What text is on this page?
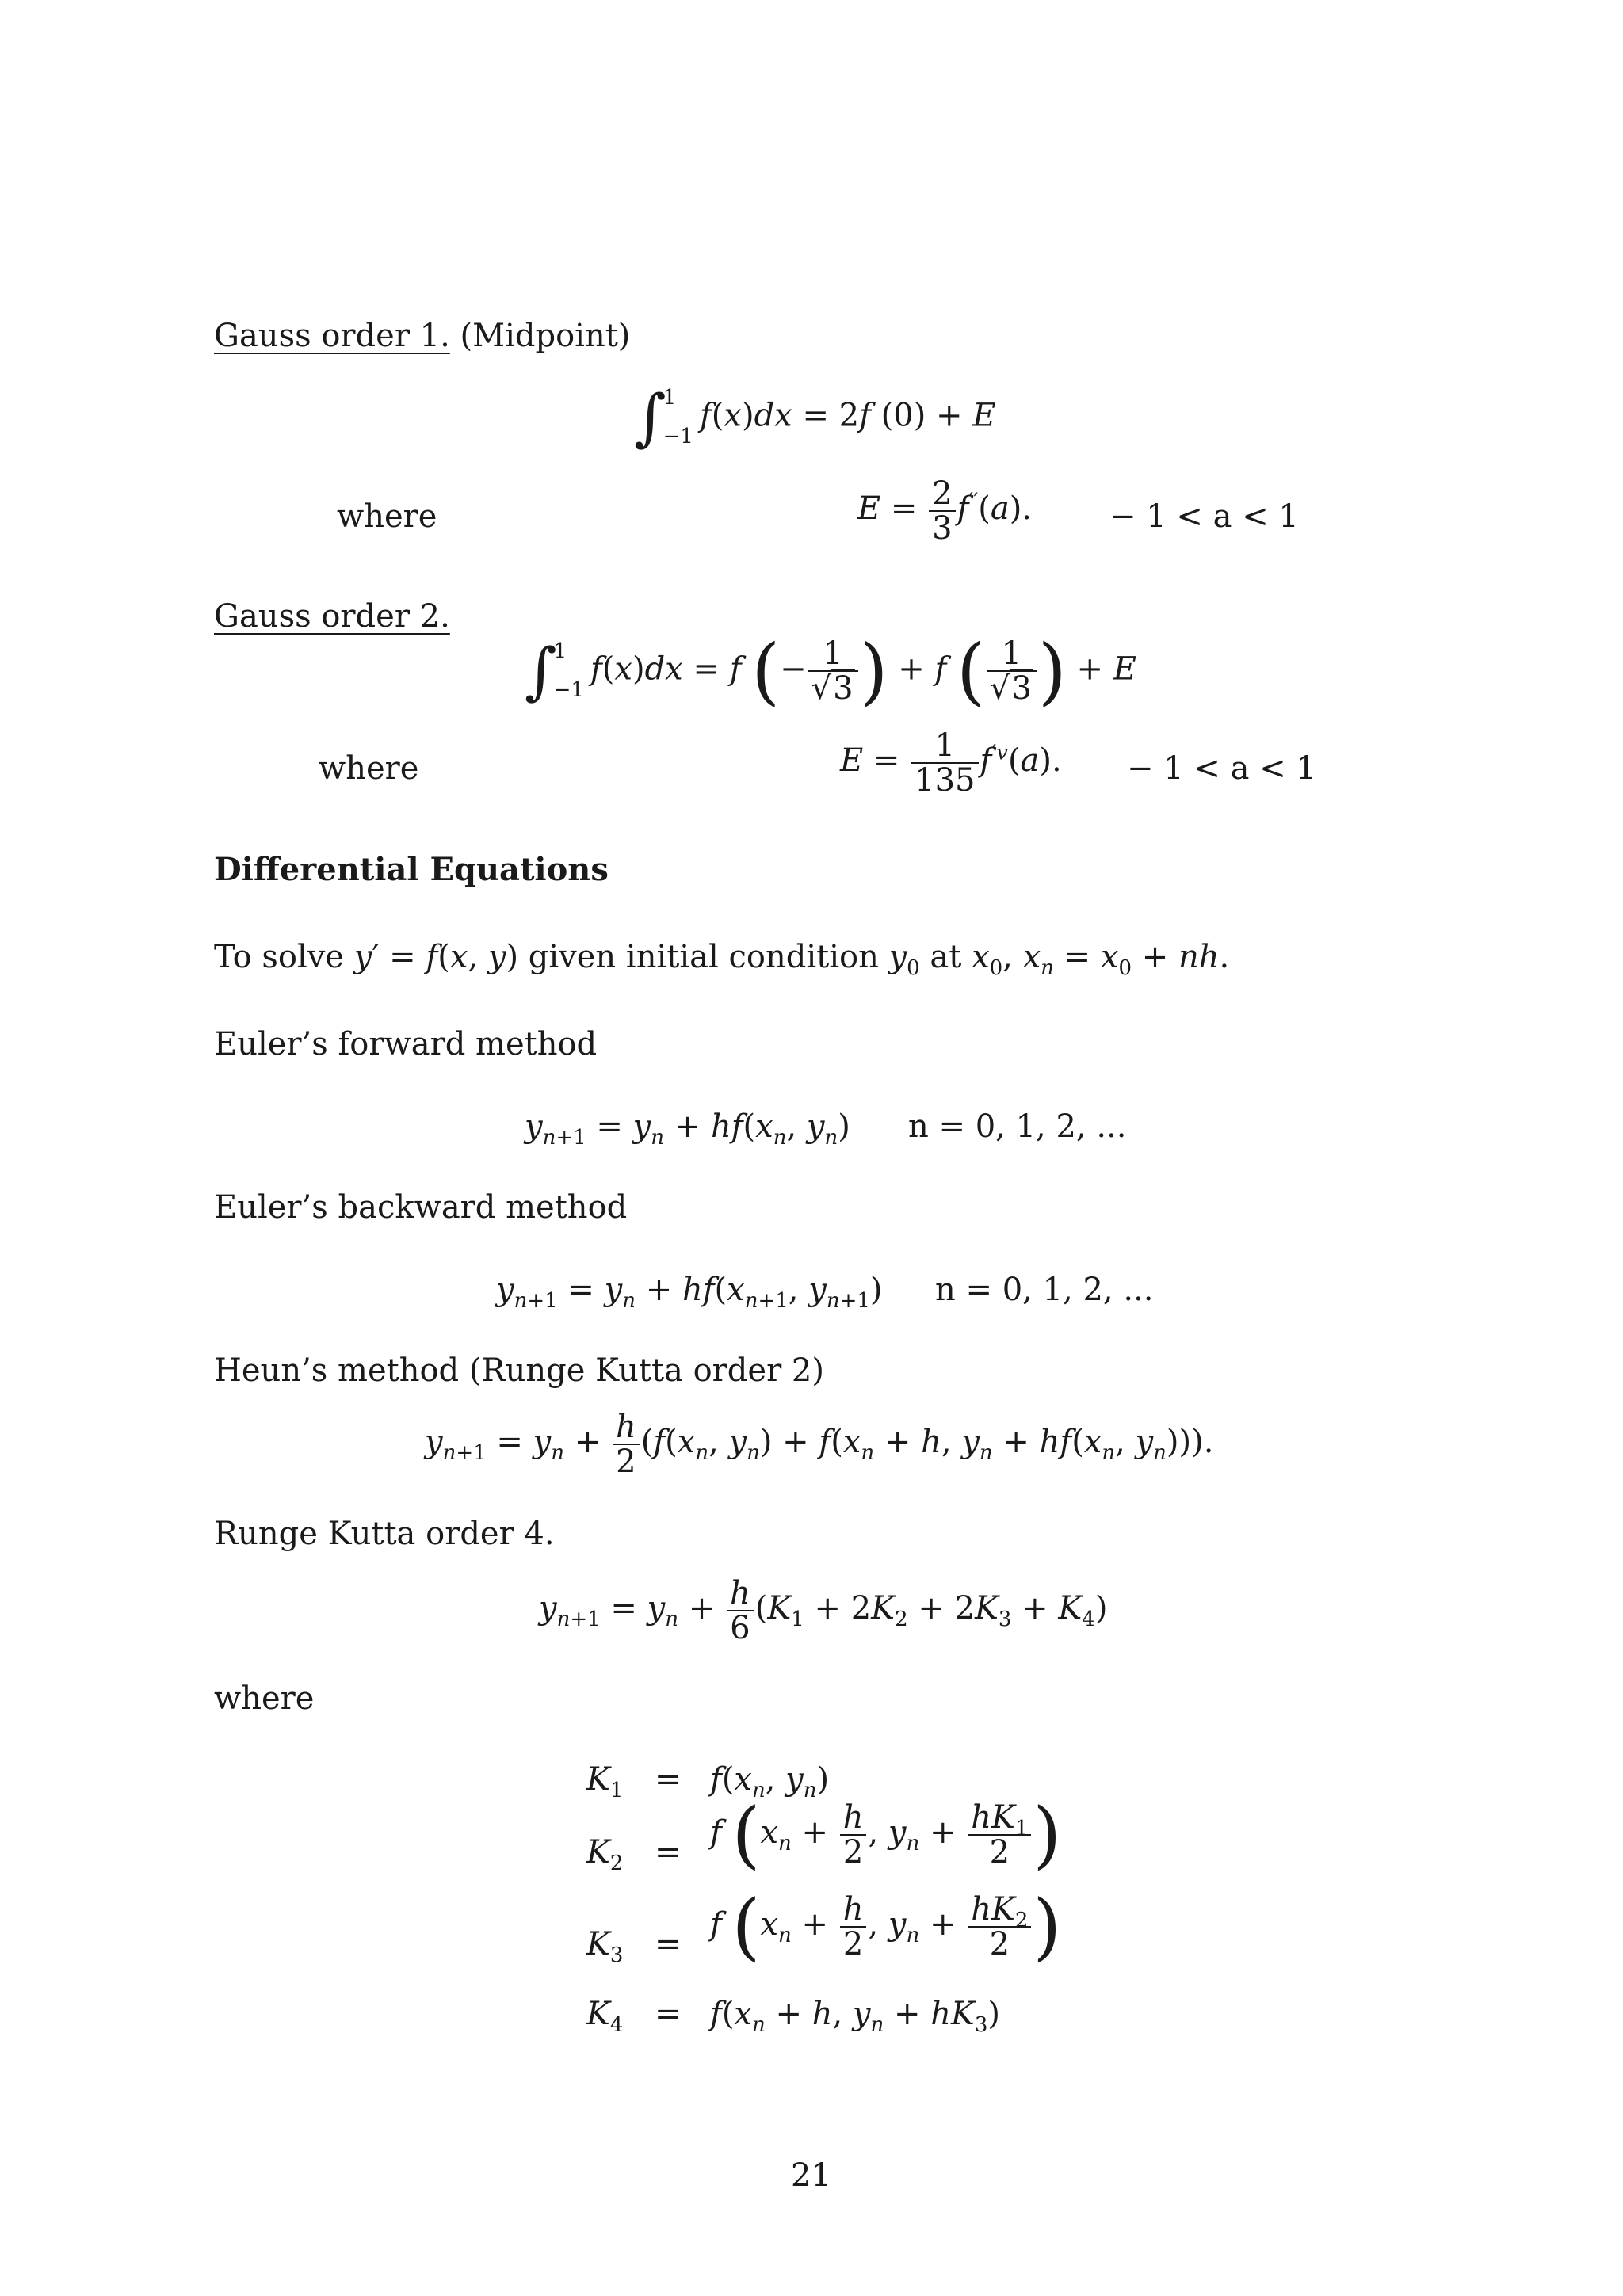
Gauss order 1. (Midpoint)
∫
1
−1
f(x)dx = 2f (0) + E
where	$E = \frac{2}{3} f''(a)$. − 1 < a < 1
Gauss order 2.
∫
1
−1
f(x)dx = f (− $\frac{1}{√3}$ ) + f ( $\frac{1}{√3}$ ) + E
where	$E = \frac{1}{135} f^{'v}(a)$. − 1 < a < 1
Differential Equations
To solve y′ = f(x, y) given initial condition $y_0$ at $x_0$, $x_n = x_0$ + nh.
Euler’s forward method
$y_{n+1} = y_n + hf(x_n$, $y_n$) n = 0, 1, 2, ...
Euler’s backward method
$y_{n+1} = y_n + hf(x_{n+1}$, $y_{n+1}$) n = 0, 1, 2, ...
Heun’s method (Runge Kutta order 2)
$y_{n+1} = y_n + \frac{h}{2} (f(x_n$, $y_n) + f(x_n + h$, $y_n + hf(x_n$, $y_n$))).
Runge Kutta order 4.
$y_{n+1} = y_n + \frac{h}{6} (K_1 + 2K_2 + 2K_3 + K_4)$
where
$K_1 = f(x_n$, $y_n$)
$K_2$ =
f ($x_n + \frac{h}{2}$ , $y_n + \frac{hK_1}{2}$ )
$K_3$ =
f ($x_n + \frac{h}{2}$ , $y_n + \frac{hK_2}{2}$ )
$K_4 = f(x_n + h$, $y_n + hK_3$)
21
